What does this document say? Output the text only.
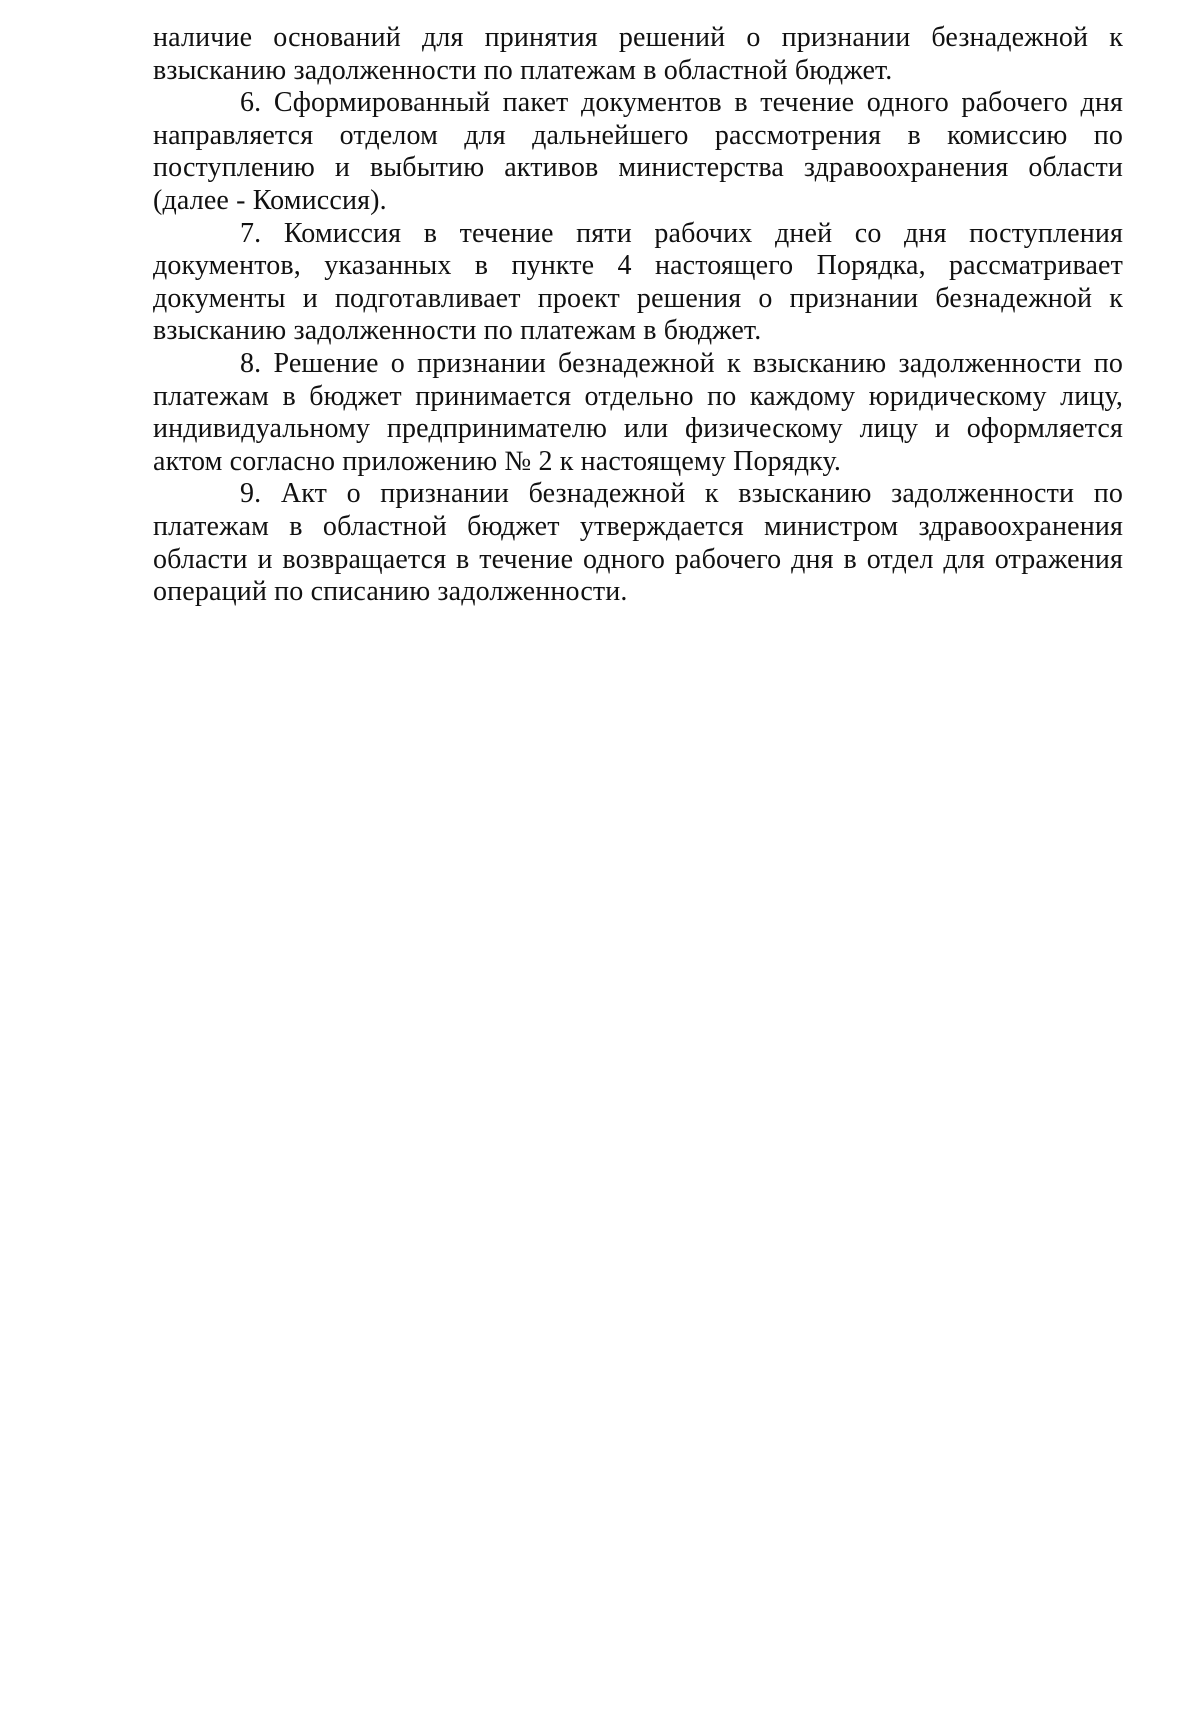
наличие оснований для принятия решений о признании безнадежной к взысканию задолженности по платежам в областной бюджет.

6. Сформированный пакет документов в течение одного рабочего дня направляется отделом для дальнейшего рассмотрения в комиссию по поступлению и выбытию активов министерства здравоохранения области (далее - Комиссия).

7. Комиссия в течение пяти рабочих дней со дня поступления документов, указанных в пункте 4 настоящего Порядка, рассматривает документы и подготавливает проект решения о признании безнадежной к взысканию задолженности по платежам в бюджет.

8. Решение о признании безнадежной к взысканию задолженности по платежам в бюджет принимается отдельно по каждому юридическому лицу, индивидуальному предпринимателю или физическому лицу и оформляется актом согласно приложению № 2 к настоящему Порядку.

9. Акт о признании безнадежной к взысканию задолженности по платежам в областной бюджет утверждается министром здравоохранения области и возвращается в течение одного рабочего дня в отдел для отражения операций по списанию задолженности.
